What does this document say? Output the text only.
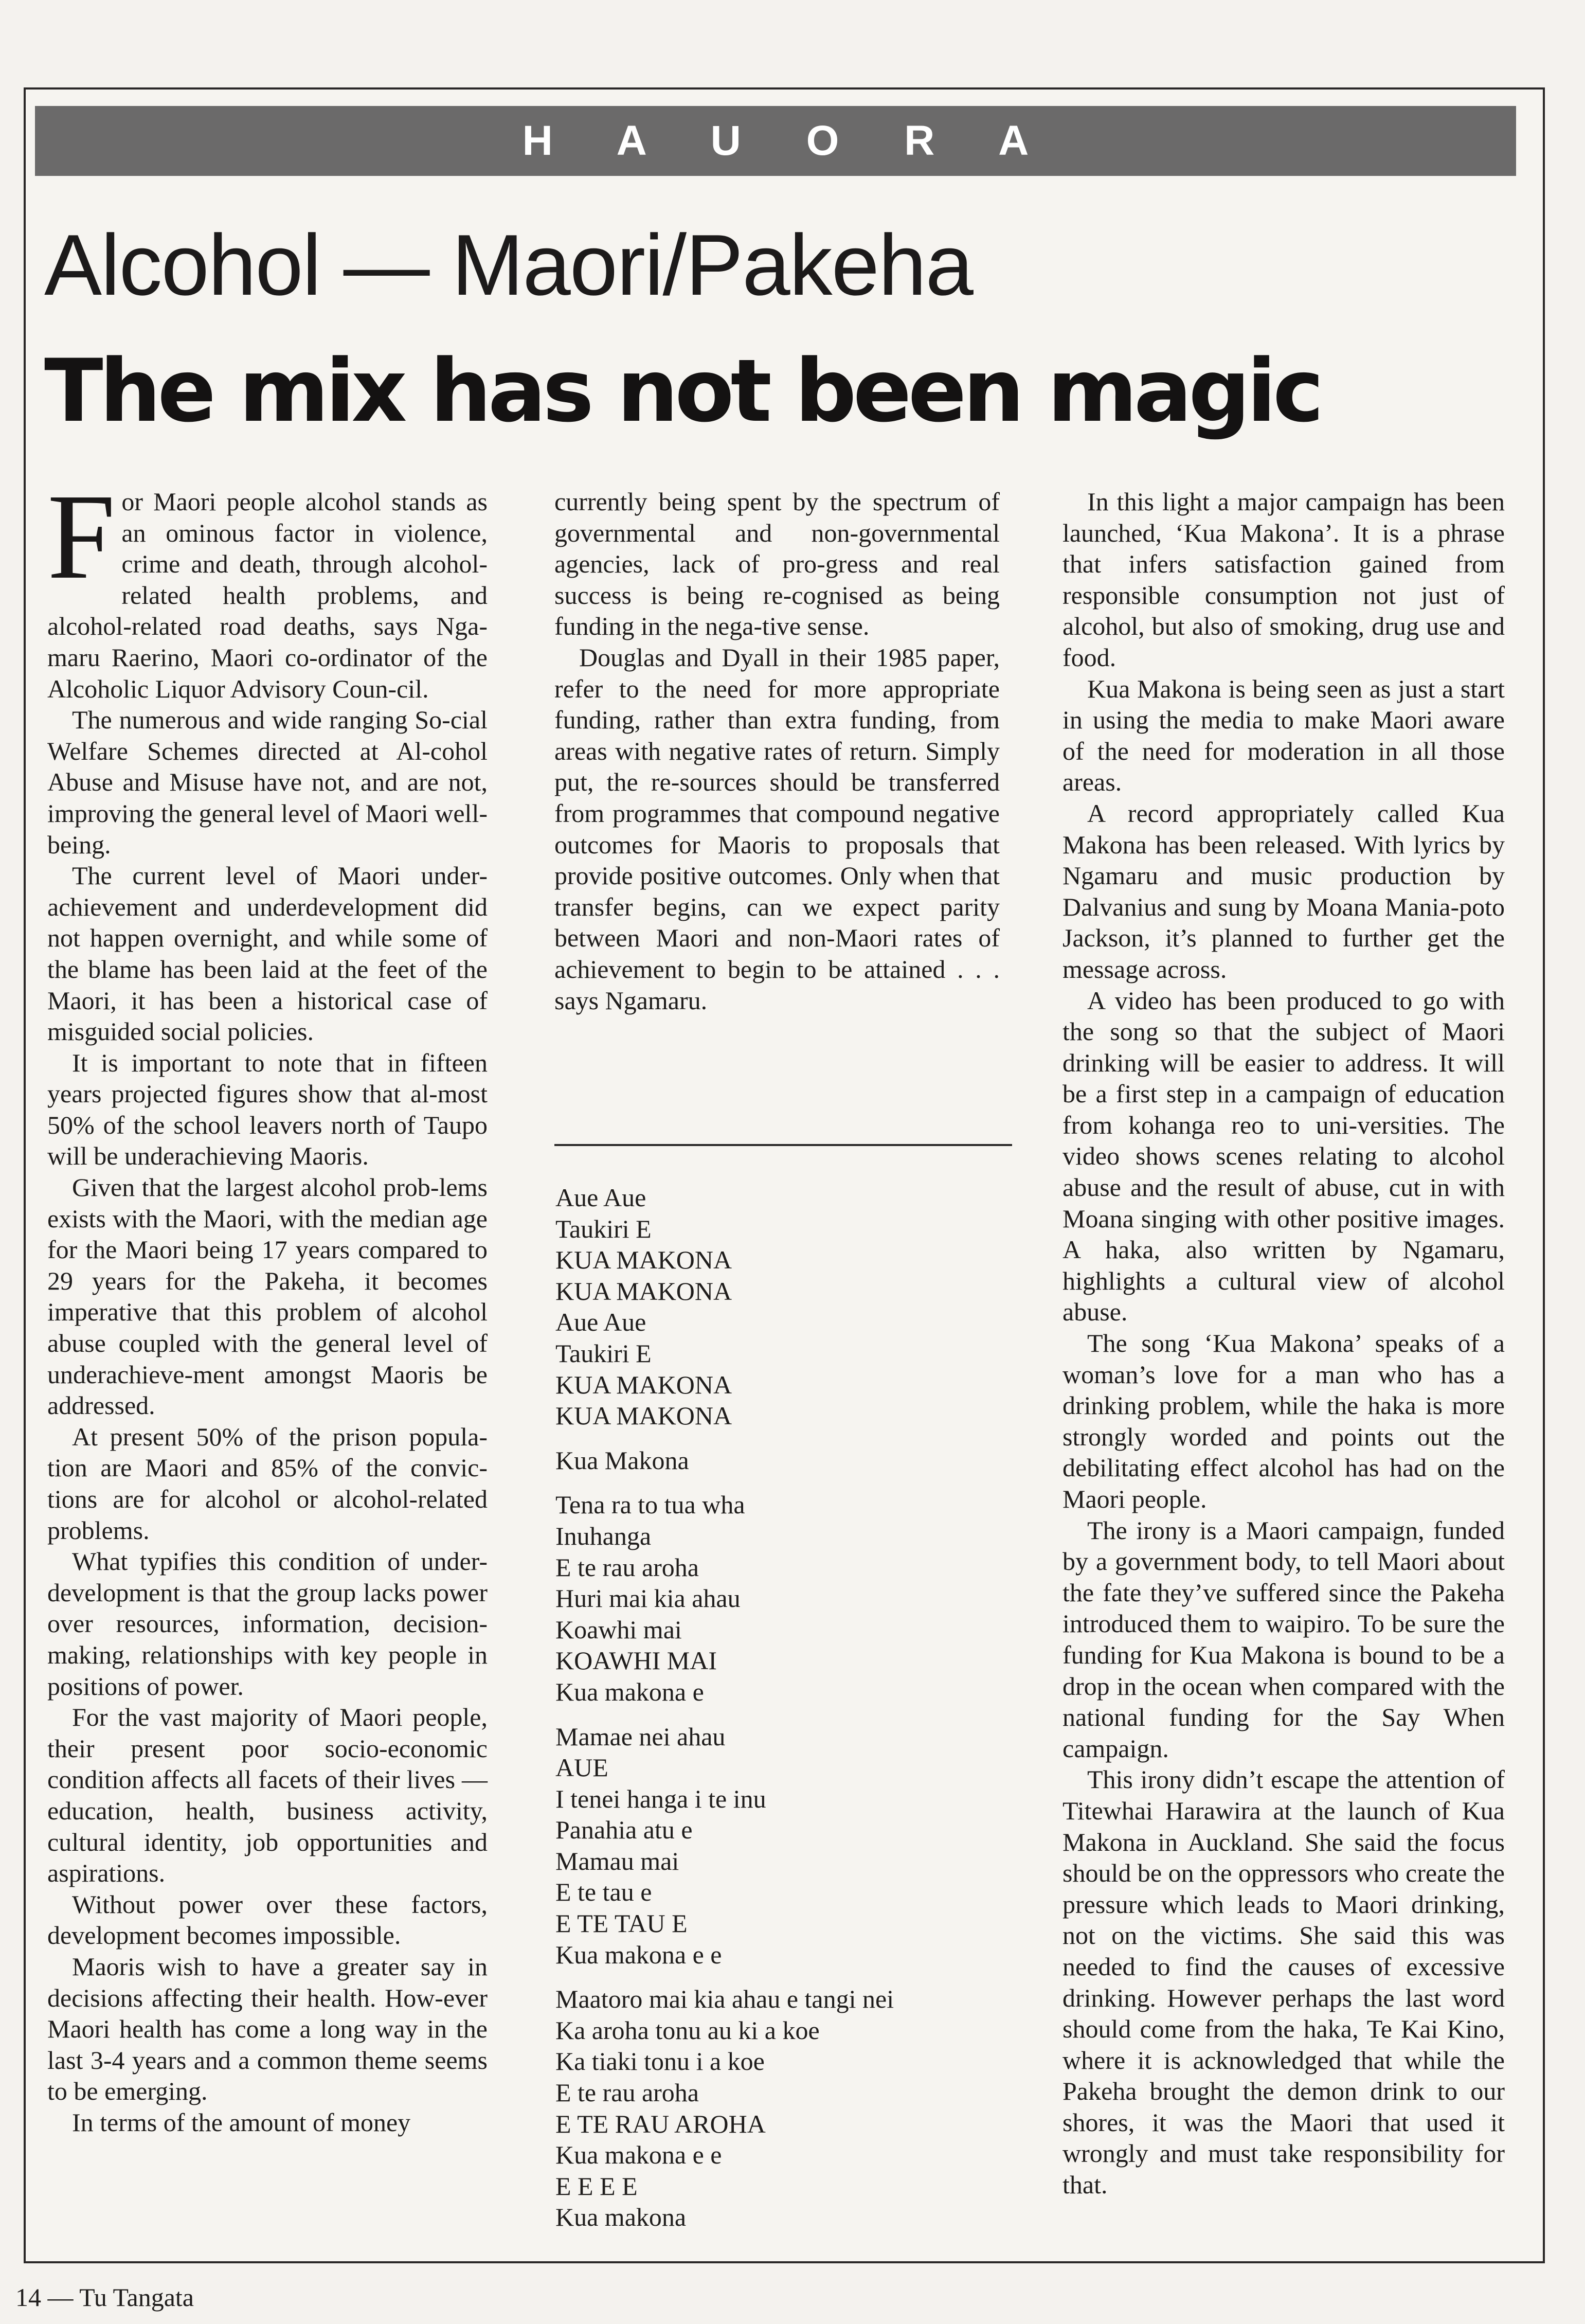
H A U O R A
Alcohol — Maori/Pakeha
The mix has not been magic

For Maori people alcohol stands as an ominous factor in violence, crime and death, through alcohol-related health problems, and alcohol-related road deaths, says Nga-maru Raerino, Maori co-ordinator of the Alcoholic Liquor Advisory Coun-cil.

The numerous and wide ranging So-cial Welfare Schemes directed at Al-cohol Abuse and Misuse have not, and are not, improving the general level of Maori well-being.

The current level of Maori under-achievement and underdevelopment did not happen overnight, and while some of the blame has been laid at the feet of the Maori, it has been a historical case of misguided social policies.

It is important to note that in fifteen years projected figures show that al-most 50% of the school leavers north of Taupo will be underachieving Maoris.

Given that the largest alcohol prob-lems exists with the Maori, with the median age for the Maori being 17 years compared to 29 years for the Pakeha, it becomes imperative that this problem of alcohol abuse coupled with the general level of underachieve-ment amongst Maoris be addressed.

At present 50% of the prison popula-tion are Maori and 85% of the convic-tions are for alcohol or alcohol-related problems.

What typifies this condition of under-development is that the group lacks power over resources, information, decision-making, relationships with key people in positions of power.

For the vast majority of Maori people, their present poor socio-economic condition affects all facets of their lives — education, health, business activity, cultural identity, job opportunities and aspirations.

Without power over these factors, development becomes impossible.

Maoris wish to have a greater say in decisions affecting their health. How-ever Maori health has come a long way in the last 3-4 years and a common theme seems to be emerging.

In terms of the amount of money

currently being spent by the spectrum of governmental and non-governmental agencies, lack of pro-gress and real success is being re-cognised as being funding in the nega-tive sense.

Douglas and Dyall in their 1985 paper, refer to the need for more appropriate funding, rather than extra funding, from areas with negative rates of return. Simply put, the re-sources should be transferred from programmes that compound negative outcomes for Maoris to proposals that provide positive outcomes. Only when that transfer begins, can we expect parity between Maori and non-Maori rates of achievement to begin to be attained . . . says Ngamaru.

Aue Aue
Taukiri E
KUA MAKONA
KUA MAKONA
Aue Aue
Taukiri E
KUA MAKONA
KUA MAKONA
Kua Makona
Tena ra to tua wha
Inuhanga
E te rau aroha
Huri mai kia ahau
Koawhi mai
KOAWHI MAI
Kua makona e
Mamae nei ahau
AUE
I tenei hanga i te inu
Panahia atu e
Mamau mai
E te tau e
E TE TAU E
Kua makona e e
Maatoro mai kia ahau e tangi nei
Ka aroha tonu au ki a koe
Ka tiaki tonu i a koe
E te rau aroha
E TE RAU AROHA
Kua makona e e
E E E E
Kua makona

In this light a major campaign has been launched, ‘Kua Makona’. It is a phrase that infers satisfaction gained from responsible consumption not just of alcohol, but also of smoking, drug use and food.

Kua Makona is being seen as just a start in using the media to make Maori aware of the need for moderation in all those areas.

A record appropriately called Kua Makona has been released. With lyrics by Ngamaru and music production by Dalvanius and sung by Moana Mania-poto Jackson, it’s planned to further get the message across.

A video has been produced to go with the song so that the subject of Maori drinking will be easier to address. It will be a first step in a campaign of education from kohanga reo to uni-versities. The video shows scenes relating to alcohol abuse and the result of abuse, cut in with Moana singing with other positive images. A haka, also written by Ngamaru, highlights a cultural view of alcohol abuse.

The song ‘Kua Makona’ speaks of a woman’s love for a man who has a drinking problem, while the haka is more strongly worded and points out the debilitating effect alcohol has had on the Maori people.

The irony is a Maori campaign, funded by a government body, to tell Maori about the fate they’ve suffered since the Pakeha introduced them to waipiro. To be sure the funding for Kua Makona is bound to be a drop in the ocean when compared with the national funding for the Say When campaign.

This irony didn’t escape the attention of Titewhai Harawira at the launch of Kua Makona in Auckland. She said the focus should be on the oppressors who create the pressure which leads to Maori drinking, not on the victims. She said this was needed to find the causes of excessive drinking. However perhaps the last word should come from the haka, Te Kai Kino, where it is acknowledged that while the Pakeha brought the demon drink to our shores, it was the Maori that used it wrongly and must take responsibility for that.

14 — Tu Tangata
